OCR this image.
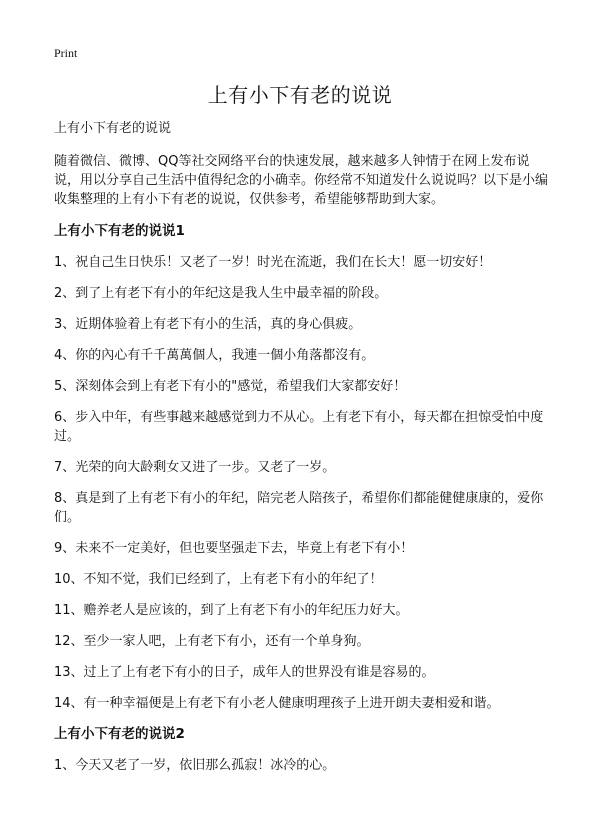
Print
上有小下有老的说说

上有小下有老的说说

随着微信、微博、QQ等社交网络平台的快速发展，越来越多人钟情于在网上发布说说，用以分享自己生活中值得纪念的小确幸。你经常不知道发什么说说吗？以下是小编收集整理的上有小下有老的说说，仅供参考，希望能够帮助到大家。

上有小下有老的说说1

1、祝自己生日快乐！又老了一岁！时光在流逝，我们在长大！愿一切安好！

2、到了上有老下有小的年纪这是我人生中最幸福的阶段。

3、近期体验着上有老下有小的生活，真的身心俱疲。

4、你的內心有千千萬萬個人，我連一個小角落都沒有。

5、深刻体会到上有老下有小的"感觉，希望我们大家都安好！

6、步入中年，有些事越来越感觉到力不从心。上有老下有小，每天都在担惊受怕中度过。

7、光荣的向大龄剩女又进了一步。又老了一岁。

8、真是到了上有老下有小的年纪，陪完老人陪孩子，希望你们都能健健康康的，爱你们。

9、未来不一定美好，但也要坚强走下去，毕竟上有老下有小！

10、不知不觉，我们已经到了，上有老下有小的年纪了！

11、赡养老人是应该的，到了上有老下有小的年纪压力好大。

12、至少一家人吧，上有老下有小，还有一个单身狗。

13、过上了上有老下有小的日子，成年人的世界没有谁是容易的。

14、有一种幸福便是上有老下有小老人健康明理孩子上进开朗夫妻相爱和谐。

上有小下有老的说说2

1、今天又老了一岁，依旧那么孤寂！冰冷的心。
